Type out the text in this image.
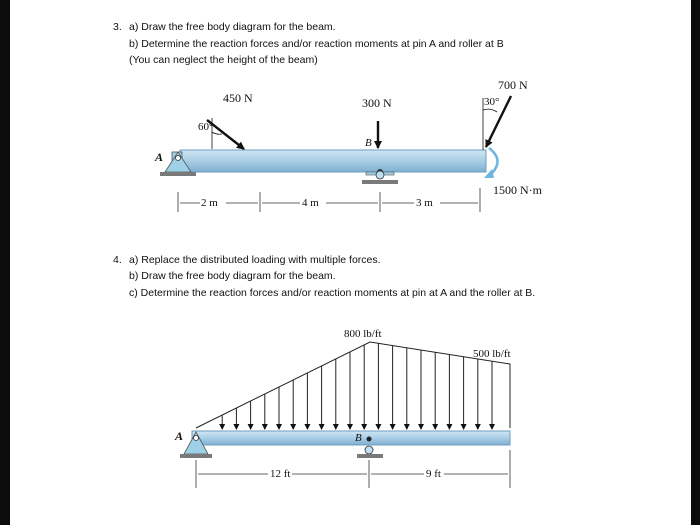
3. a) Draw the free body diagram for the beam.
b) Determine the reaction forces and/or reaction moments at pin A and roller at B
(You can neglect the height of the beam)
450 N
60°
300 N
700 N
30°
A
B
1500 N·m
2 m	4 m	3 m
4. a) Replace the distributed loading with multiple forces.
b) Draw the free body diagram for the beam.
c) Determine the reaction forces and/or reaction moments at pin at A and the roller at B.
800 lb/ft
500 lb/ft
A	B
12 ft	9 ft
